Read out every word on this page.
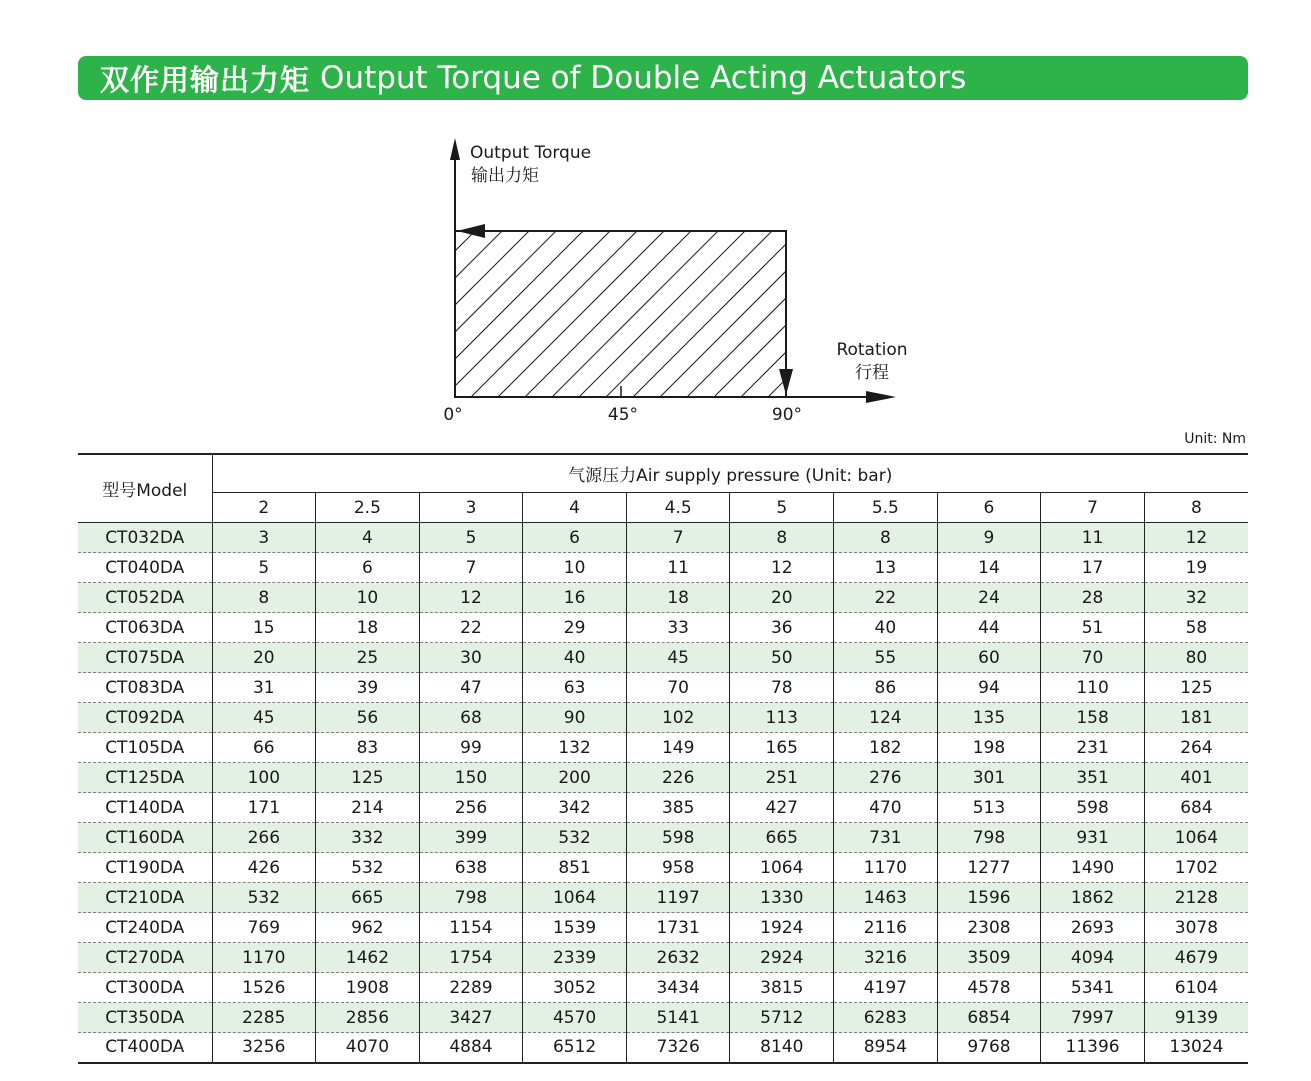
双作用输出力矩 Output Torque of Double Acting Actuators
Output Torque
输出力矩
Rotation
行程
0°	45°	90°
Unit: Nm
型号Model	气源压力Air supply pressure (Unit: bar)									
	2	2.5	3	4	4.5	5	5.5	6	7	8
CT032DA	3	4	5	6	7	8	8	9	11	12
CT040DA	5	6	7	10	11	12	13	14	17	19
CT052DA	8	10	12	16	18	20	22	24	28	32
CT063DA	15	18	22	29	33	36	40	44	51	58
CT075DA	20	25	30	40	45	50	55	60	70	80
CT083DA	31	39	47	63	70	78	86	94	110	125
CT092DA	45	56	68	90	102	113	124	135	158	181
CT105DA	66	83	99	132	149	165	182	198	231	264
CT125DA	100	125	150	200	226	251	276	301	351	401
CT140DA	171	214	256	342	385	427	470	513	598	684
CT160DA	266	332	399	532	598	665	731	798	931	1064
CT190DA	426	532	638	851	958	1064	1170	1277	1490	1702
CT210DA	532	665	798	1064	1197	1330	1463	1596	1862	2128
CT240DA	769	962	1154	1539	1731	1924	2116	2308	2693	3078
CT270DA	1170	1462	1754	2339	2632	2924	3216	3509	4094	4679
CT300DA	1526	1908	2289	3052	3434	3815	4197	4578	5341	6104
CT350DA	2285	2856	3427	4570	5141	5712	6283	6854	7997	9139
CT400DA	3256	4070	4884	6512	7326	8140	8954	9768	11396	13024
